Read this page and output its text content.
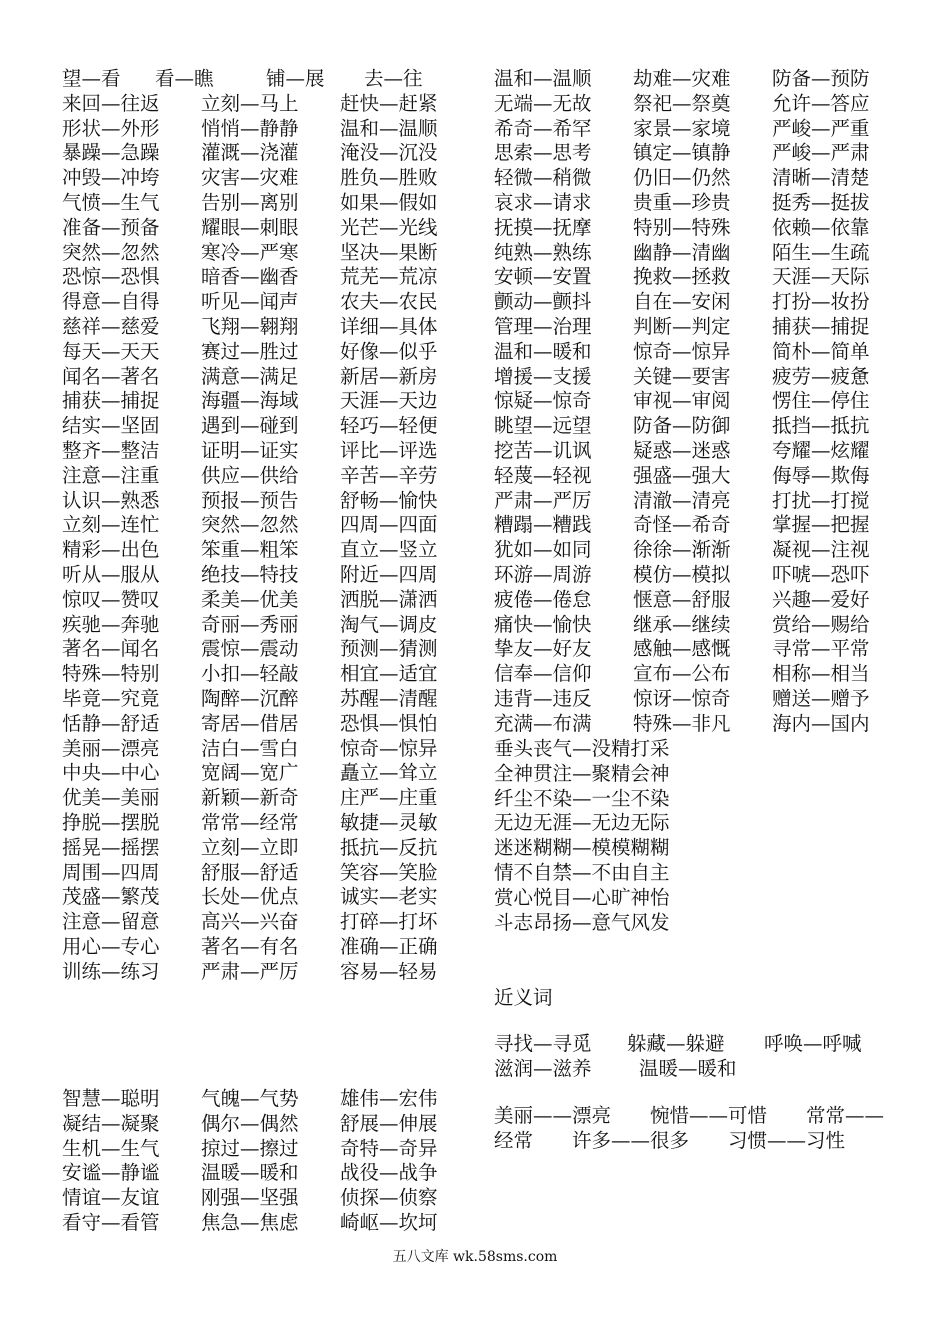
望—看 看—瞧	铺—展 去—往
来回—往返 立刻—马上 赶快—赶紧
形状—外形 悄悄—静静 温和—温顺
暴躁—急躁 灌溉—浇灌 淹没—沉没
冲毁—冲垮 灾害—灾难 胜负—胜败
气愤—生气 告别—离别 如果—假如
准备—预备 耀眼—刺眼 光芒—光线
突然—忽然 寒冷—严寒 坚决—果断
恐惊—恐惧 暗香—幽香 荒芜—荒凉
得意—自得 听见—闻声 农夫—农民
慈祥—慈爱 飞翔—翱翔 详细—具体
每天—天天 赛过—胜过 好像—似乎
闻名—著名 满意—满足 新居—新房
捕获—捕捉 海疆—海域 天涯—天边
结实—坚固 遇到—碰到 轻巧—轻便
整齐—整洁 证明—证实 评比—评选
注意—注重 供应—供给 辛苦—辛劳
认识—熟悉 预报—预告 舒畅—愉快
立刻—连忙 突然—忽然 四周—四面
精彩—出色 笨重—粗笨 直立—竖立
听从—服从 绝技—特技 附近—四周
惊叹—赞叹 柔美—优美 洒脱—潇洒
疾驰—奔驰 奇丽—秀丽 淘气—调皮
著名—闻名 震惊—震动 预测—猜测
特殊—特别 小扣—轻敲 相宜—适宜
毕竟—究竟 陶醉—沉醉 苏醒—清醒
恬静—舒适 寄居—借居 恐惧—惧怕
美丽—漂亮 洁白—雪白 惊奇—惊异
中央—中心 宽阔—宽广 矗立—耸立
优美—美丽 新颖—新奇 庄严—庄重
挣脱—摆脱 常常—经常 敏捷—灵敏
摇晃—摇摆 立刻—立即 抵抗—反抗
周围—四周 舒服—舒适 笑容—笑脸
茂盛—繁茂 长处—优点 诚实—老实
注意—留意 高兴—兴奋 打碎—打坏
用心—专心 著名—有名 准确—正确
训练—练习 严肃—严厉 容易—轻易
智慧—聪明 气魄—气势 雄伟—宏伟
凝结—凝聚 偶尔—偶然 舒展—伸展
生机—生气 掠过—擦过 奇特—奇异
安谧—静谧 温暖—暖和 战役—战争
情谊—友谊 刚强—坚强 侦探—侦察
看守—看管 焦急—焦虑 崎岖—坎坷
温和—温顺 劫难—灾难 防备—预防
无端—无故 祭祀—祭奠 允许—答应
希奇—希罕 家景—家境 严峻—严重
思索—思考 镇定—镇静 严峻—严肃
轻微—稍微 仍旧—仍然 清晰—清楚
哀求—请求 贵重—珍贵 挺秀—挺拔
抚摸—抚摩 特别—特殊 依赖—依靠
纯熟—熟练 幽静—清幽 陌生—生疏
安顿—安置 挽救—拯救 天涯—天际
颤动—颤抖 自在—安闲 打扮—妆扮
管理—治理 判断—判定 捕获—捕捉
温和—暖和 惊奇—惊异 简朴—简单
增援—支援 关键—要害 疲劳—疲惫
惊疑—惊奇 审视—审阅 愣住—停住
眺望—远望 防备—防御 抵挡—抵抗
挖苦—讥讽 疑惑—迷惑 夸耀—炫耀
轻蔑—轻视 强盛—强大 侮辱—欺侮
严肃—严厉 清澈—清亮 打扰—打搅
糟蹋—糟践 奇怪—希奇 掌握—把握
犹如—如同 徐徐—渐渐 凝视—注视
环游—周游 模仿—模拟 吓唬—恐吓
疲倦—倦怠 惬意—舒服 兴趣—爱好
痛快—愉快 继承—继续 赏给—赐给
挚友—好友 感触—感慨 寻常—平常
信奉—信仰 宣布—公布 相称—相当
违背—违反 惊讶—惊奇 赠送—赠予
充满—布满 特殊—非凡 海内—国内
垂头丧气—没精打采
全神贯注—聚精会神
纤尘不染—一尘不染
无边无涯—无边无际
迷迷糊糊—模模糊糊
情不自禁—不由自主
赏心悦目—心旷神怡
斗志昂扬—意气风发
近义词
寻找—寻觅 躲藏—躲避 呼唤—呼喊
滋润—滋养 温暖—暖和
美丽——漂亮　　惋惜——可惜　　常常——经常　　许多——很多　　习惯——习性
五八文库 wk.58sms.com
